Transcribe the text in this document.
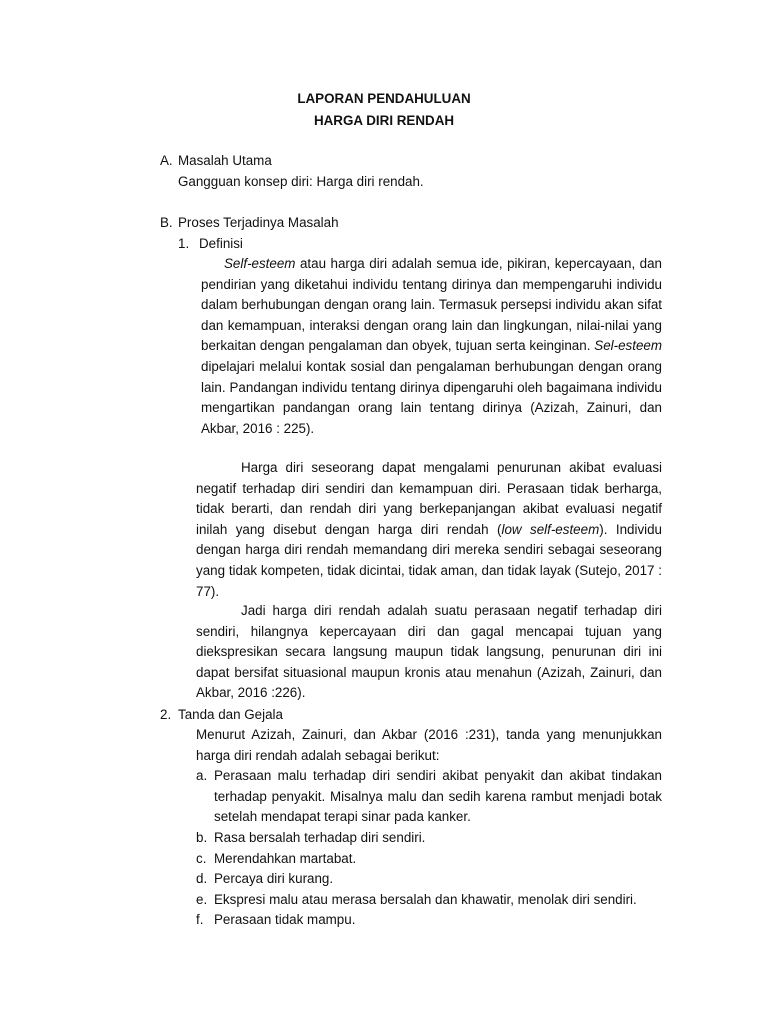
LAPORAN PENDAHULUAN
HARGA DIRI RENDAH
A. Masalah Utama
Gangguan konsep diri: Harga diri rendah.
B. Proses Terjadinya Masalah
1. Definisi

Self-esteem atau harga diri adalah semua ide, pikiran, kepercayaan, dan pendirian yang diketahui individu tentang dirinya dan mempengaruhi individu dalam berhubungan dengan orang lain. Termasuk persepsi individu akan sifat dan kemampuan, interaksi dengan orang lain dan lingkungan, nilai-nilai yang berkaitan dengan pengalaman dan obyek, tujuan serta keinginan. Sel-esteem dipelajari melalui kontak sosial dan pengalaman berhubungan dengan orang lain. Pandangan individu tentang dirinya dipengaruhi oleh bagaimana individu mengartikan pandangan orang lain tentang dirinya (Azizah, Zainuri, dan Akbar, 2016 : 225).

Harga diri seseorang dapat mengalami penurunan akibat evaluasi negatif terhadap diri sendiri dan kemampuan diri. Perasaan tidak berharga, tidak berarti, dan rendah diri yang berkepanjangan akibat evaluasi negatif inilah yang disebut dengan harga diri rendah (low self-esteem). Individu dengan harga diri rendah memandang diri mereka sendiri sebagai seseorang yang tidak kompeten, tidak dicintai, tidak aman, dan tidak layak (Sutejo, 2017 : 77).

Jadi harga diri rendah adalah suatu perasaan negatif terhadap diri sendiri, hilangnya kepercayaan diri dan gagal mencapai tujuan yang diekspresikan secara langsung maupun tidak langsung, penurunan diri ini dapat bersifat situasional maupun kronis atau menahun (Azizah, Zainuri, dan Akbar, 2016 :226).

2. Tanda dan Gejala

Menurut Azizah, Zainuri, dan Akbar (2016 :231), tanda yang menunjukkan harga diri rendah adalah sebagai berikut:

a. Perasaan malu terhadap diri sendiri akibat penyakit dan akibat tindakan terhadap penyakit. Misalnya malu dan sedih karena rambut menjadi botak setelah mendapat terapi sinar pada kanker.
b. Rasa bersalah terhadap diri sendiri.
c. Merendahkan martabat.
d. Percaya diri kurang.
e. Ekspresi malu atau merasa bersalah dan khawatir, menolak diri sendiri.
f. Perasaan tidak mampu.
